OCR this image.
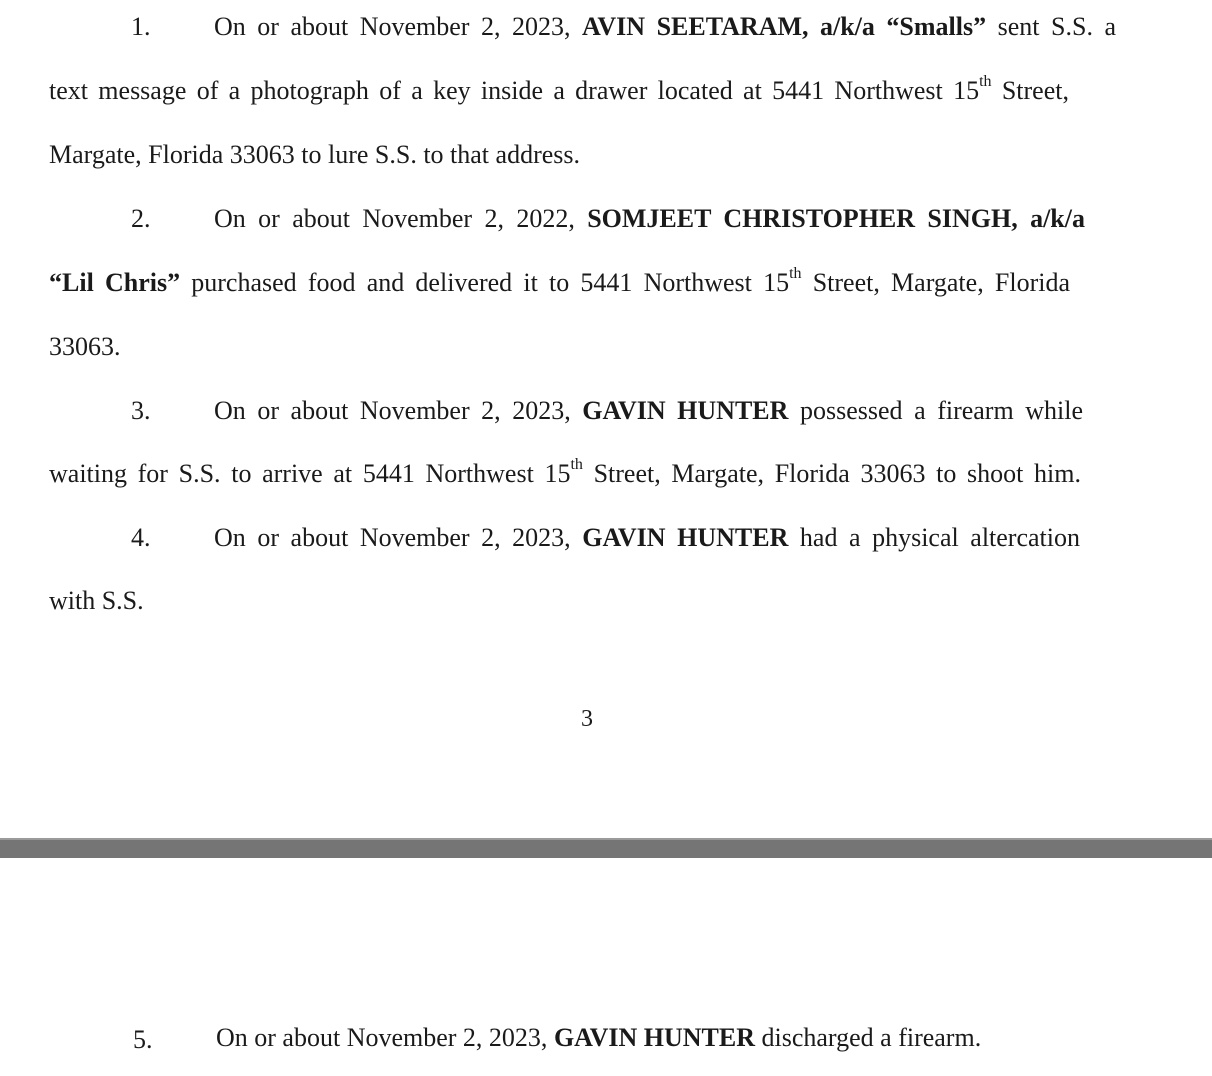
1. On or about November 2, 2023, AVIN SEETARAM, a/k/a “Smalls” sent S.S. a
text message of a photograph of a key inside a drawer located at 5441 Northwest 15th Street,
Margate, Florida 33063 to lure S.S. to that address.
2. On or about November 2, 2022, SOMJEET CHRISTOPHER SINGH, a/k/a
“Lil Chris” purchased food and delivered it to 5441 Northwest 15th Street, Margate, Florida
33063.
3. On or about November 2, 2023, GAVIN HUNTER possessed a firearm while
waiting for S.S. to arrive at 5441 Northwest 15th Street, Margate, Florida 33063 to shoot him.
4. On or about November 2, 2023, GAVIN HUNTER had a physical altercation
with S.S.
3
5. On or about November 2, 2023, GAVIN HUNTER discharged a firearm.
